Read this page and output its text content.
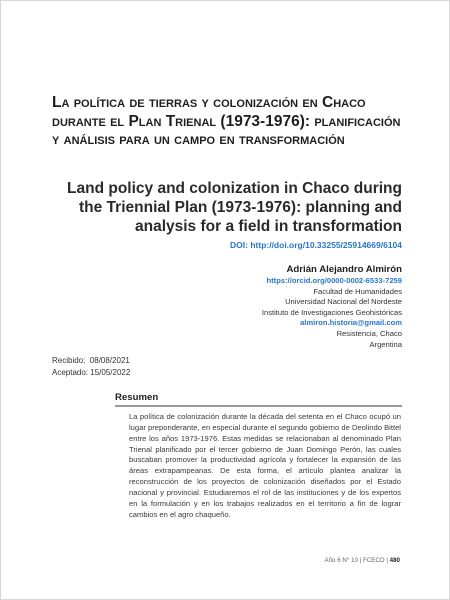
La política de tierras y colonización en Chaco durante el Plan Trienal (1973-1976): planificación y análisis para un campo en transformación
Land policy and colonization in Chaco during the Triennial Plan (1973-1976): planning and analysis for a field in transformation
DOI: http://doi.org/10.33255/25914669/6104
Adrián Alejandro Almirón
https://orcid.org/0000-0002-6533-7259
Facultad de Humanidades
Universidad Nacional del Nordeste
Instituto de Investigaciones Geohistóricas
almiron.historia@gmail.com
Resistencia, Chaco
Argentina
Recibido:  08/08/2021
Aceptado: 15/05/2022
Resumen

La política de colonización durante la década del setenta en el Chaco ocupó un lugar preponderante, en especial durante el segundo gobierno de Deolindo Bittel entre los años 1973-1976. Estas medidas se relacionaban al denominado Plan Trienal planificado por el tercer gobierno de Juan Domingo Perón, las cuales buscaban promover la productividad agrícola y fortalecer la expansión de las áreas extrapampeanas. De esta forma, el artículo plantea analizar la reconstrucción de los proyectos de colonización diseñados por el Estado nacional y provincial. Estudiaremos el rol de las instituciones y de los expertos en la formulación y en los trabajos realizados en el territorio a fin de lograr cambios en el agro chaqueño.

Año 6 N° 10 | FCECO | 480
